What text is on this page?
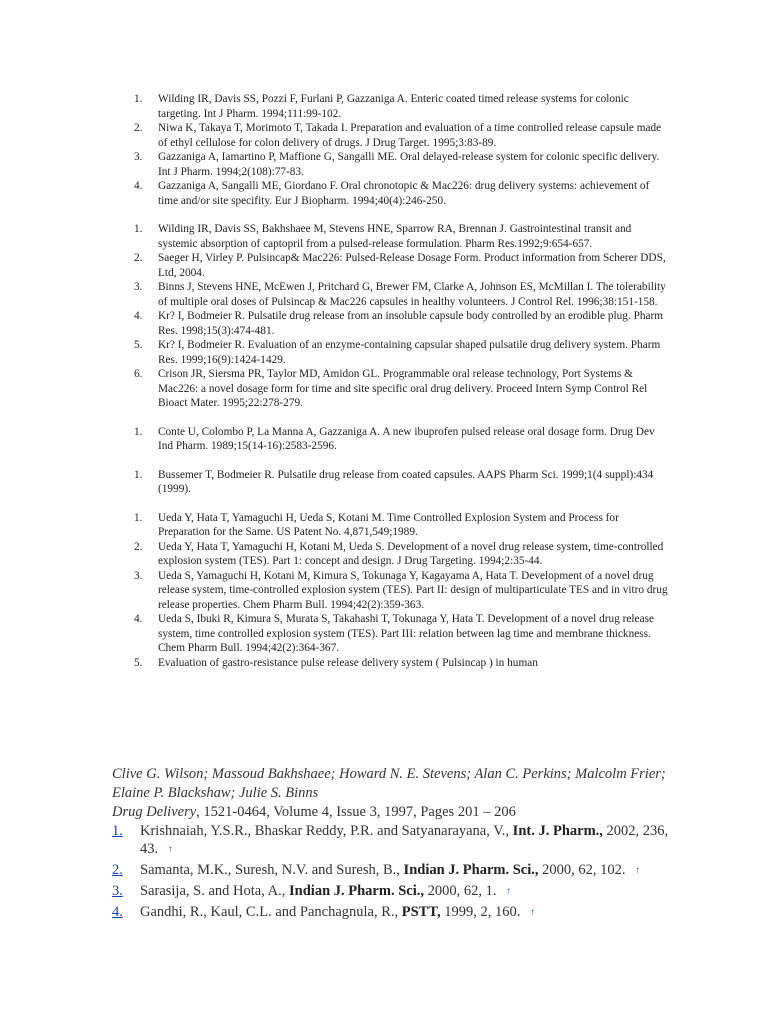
1. Wilding IR, Davis SS, Pozzi F, Furlani P, Gazzaniga A. Enteric coated timed release systems for colonic targeting. Int J Pharm. 1994;111:99-102.
2. Niwa K, Takaya T, Morimoto T, Takada I. Preparation and evaluation of a time controlled release capsule made of ethyl cellulose for colon delivery of drugs. J Drug Target. 1995;3:83-89.
3. Gazzaniga A, Iamartino P, Maffione G, Sangalli ME. Oral delayed-release system for colonic specific delivery. Int J Pharm. 1994;2(108):77-83.
4. Gazzaniga A, Sangalli ME, Giordano F. Oral chronotopic & Mac226: drug delivery systems: achievement of time and/or site specifity. Eur J Biopharm. 1994;40(4):246-250.
1. Wilding IR, Davis SS, Bakhshaee M, Stevens HNE, Sparrow RA, Brennan J. Gastrointestinal transit and systemic absorption of captopril from a pulsed-release formulation. Pharm Res.1992;9:654-657.
2. Saeger H, Virley P. Pulsincap& Mac226: Pulsed-Release Dosage Form. Product information from Scherer DDS, Ltd, 2004.
3. Binns J, Stevens HNE, McEwen J, Pritchard G, Brewer FM, Clarke A, Johnson ES, McMillan I. The tolerability of multiple oral doses of Pulsincap & Mac226 capsules in healthy volunteers. J Control Rel. 1996;38:151-158.
4. Kr? I, Bodmeier R. Pulsatile drug release from an insoluble capsule body controlled by an erodible plug. Pharm Res. 1998;15(3):474-481.
5. Kr? I, Bodmeier R. Evaluation of an enzyme-containing capsular shaped pulsatile drug delivery system. Pharm Res. 1999;16(9):1424-1429.
6. Crison JR, Siersma PR, Taylor MD, Amidon GL. Programmable oral release technology, Port Systems & Mac226: a novel dosage form for time and site specific oral drug delivery. Proceed Intern Symp Control Rel Bioact Mater. 1995;22:278-279.
1. Conte U, Colombo P, La Manna A, Gazzaniga A. A new ibuprofen pulsed release oral dosage form. Drug Dev Ind Pharm. 1989;15(14-16):2583-2596.
1. Bussemer T, Bodmeier R. Pulsatile drug release from coated capsules. AAPS Pharm Sci. 1999;1(4 suppl):434 (1999).
1. Ueda Y, Hata T, Yamaguchi H, Ueda S, Kotani M. Time Controlled Explosion System and Process for Preparation for the Same. US Patent No. 4,871,549;1989.
2. Ueda Y, Hata T, Yamaguchi H, Kotani M, Ueda S. Development of a novel drug release system, time-controlled explosion system (TES). Part 1: concept and design. J Drug Targeting. 1994;2:35-44.
3. Ueda S, Yamaguchi H, Kotani M, Kimura S, Tokunaga Y, Kagayama A, Hata T. Development of a novel drug release system, time-controlled explosion system (TES). Part II: design of multiparticulate TES and in vitro drug release properties. Chem Pharm Bull. 1994;42(2):359-363.
4. Ueda S, Ibuki R, Kimura S, Murata S, Takahashi T, Tokunaga Y, Hata T. Development of a novel drug release system, time controlled explosion system (TES). Part III: relation between lag time and membrane thickness. Chem Pharm Bull. 1994;42(2):364-367.
5. Evaluation of gastro-resistance pulse release delivery system ( Pulsincap ) in human
Clive G. Wilson; Massoud Bakhshaee; Howard N. E. Stevens; Alan C. Perkins; Malcolm Frier; Elaine P. Blackshaw; Julie S. Binns
Drug Delivery, 1521-0464, Volume 4, Issue 3, 1997, Pages 201 – 206
1. Krishnaiah, Y.S.R., Bhaskar Reddy, P.R. and Satyanarayana, V., Int. J. Pharm., 2002, 236, 43. ↑
2. Samanta, M.K., Suresh, N.V. and Suresh, B., Indian J. Pharm. Sci., 2000, 62, 102. ↑
3. Sarasija, S. and Hota, A., Indian J. Pharm. Sci., 2000, 62, 1. ↑
4. Gandhi, R., Kaul, C.L. and Panchagnula, R., PSTT, 1999, 2, 160. ↑
